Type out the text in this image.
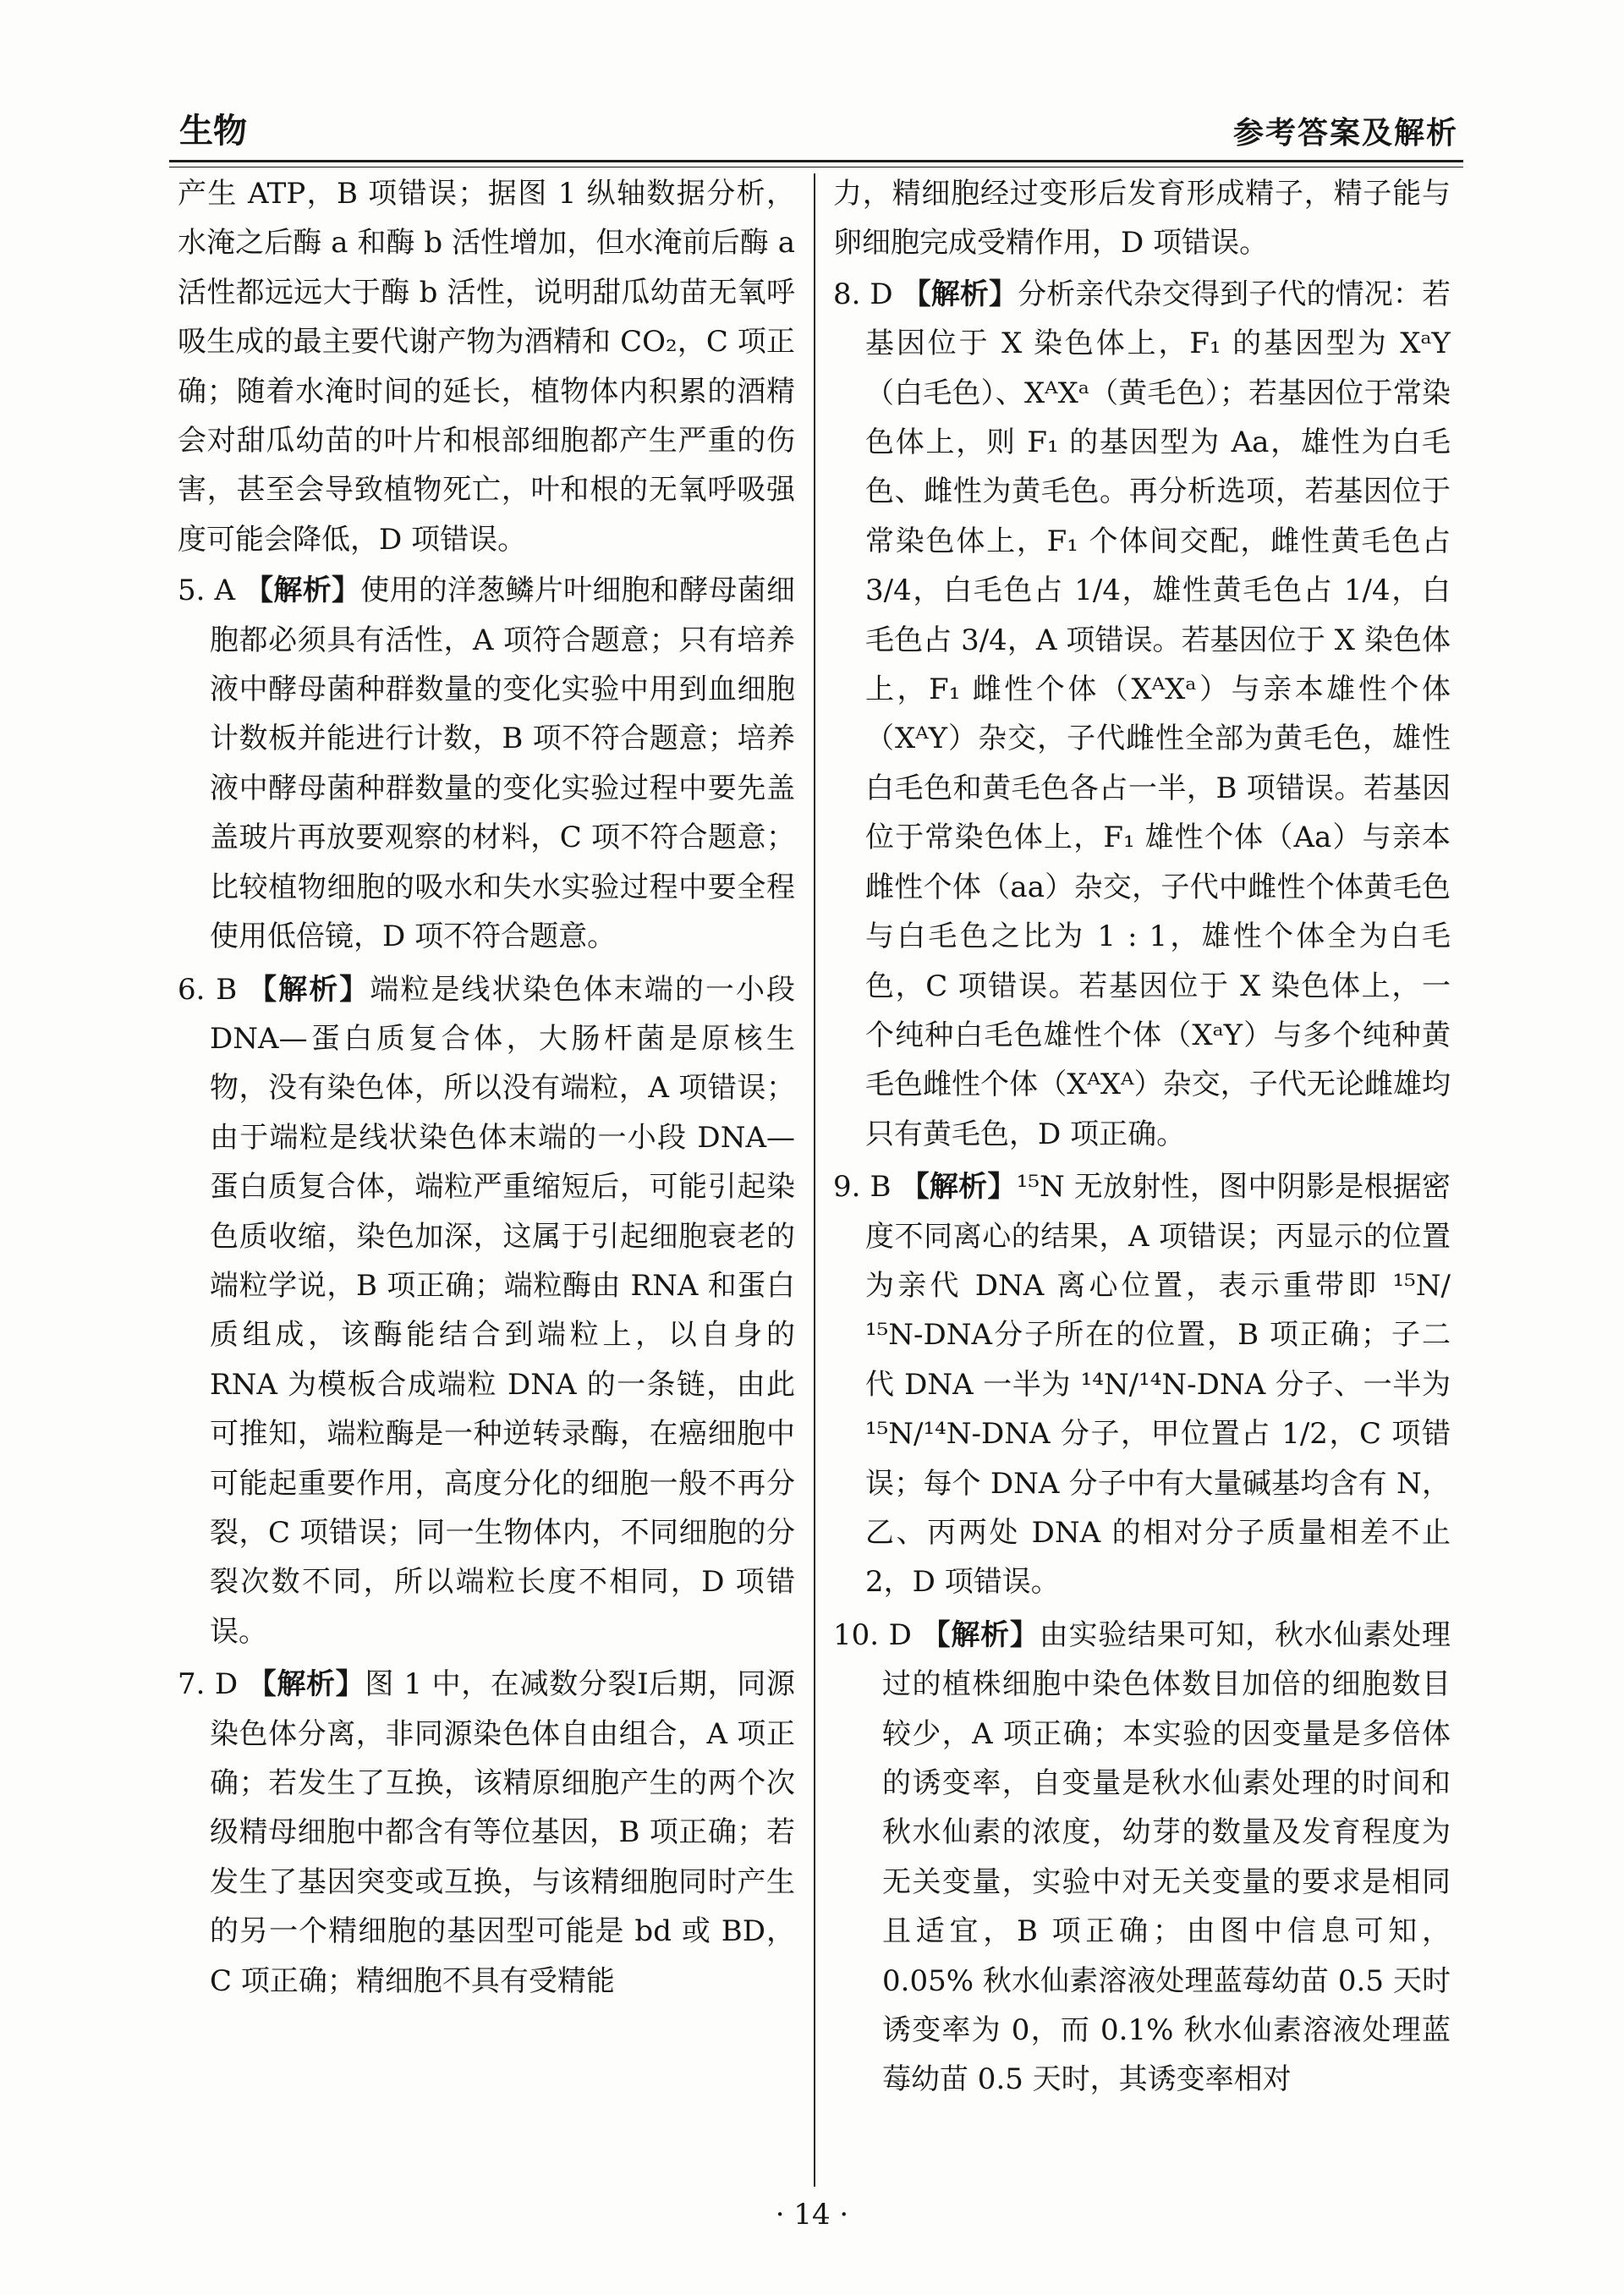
生物	参考答案及解析

产生 ATP，B 项错误；据图 1 纵轴数据分析，水淹之后酶 a 和酶 b 活性增加，但水淹前后酶 a 活性都远远大于酶 b 活性，说明甜瓜幼苗无氧呼吸生成的最主要代谢产物为酒精和 CO₂，C 项正确；随着水淹时间的延长，植物体内积累的酒精会对甜瓜幼苗的叶片和根部细胞都产生严重的伤害，甚至会导致植物死亡，叶和根的无氧呼吸强度可能会降低，D 项错误。

5. A 【解析】使用的洋葱鳞片叶细胞和酵母菌细胞都必须具有活性，A 项符合题意；只有培养液中酵母菌种群数量的变化实验中用到血细胞计数板并能进行计数，B 项不符合题意；培养液中酵母菌种群数量的变化实验过程中要先盖盖玻片再放要观察的材料，C 项不符合题意；比较植物细胞的吸水和失水实验过程中要全程使用低倍镜，D 项不符合题意。

6. B 【解析】端粒是线状染色体末端的一小段 DNA—蛋白质复合体，大肠杆菌是原核生物，没有染色体，所以没有端粒，A 项错误；由于端粒是线状染色体末端的一小段 DNA—蛋白质复合体，端粒严重缩短后，可能引起染色质收缩，染色加深，这属于引起细胞衰老的端粒学说，B 项正确；端粒酶由 RNA 和蛋白质组成，该酶能结合到端粒上，以自身的 RNA 为模板合成端粒 DNA 的一条链，由此可推知，端粒酶是一种逆转录酶，在癌细胞中可能起重要作用，高度分化的细胞一般不再分裂，C 项错误；同一生物体内，不同细胞的分裂次数不同，所以端粒长度不相同，D 项错误。

7. D 【解析】图 1 中，在减数分裂Ⅰ后期，同源染色体分离，非同源染色体自由组合，A 项正确；若发生了互换，该精原细胞产生的两个次级精母细胞中都含有等位基因，B 项正确；若发生了基因突变或互换，与该精细胞同时产生的另一个精细胞的基因型可能是 bd 或 BD，C 项正确；精细胞不具有受精能

力，精细胞经过变形后发育形成精子，精子能与卵细胞完成受精作用，D 项错误。

8. D 【解析】分析亲代杂交得到子代的情况：若基因位于 X 染色体上，F₁ 的基因型为 XᵃY（白毛色）、XᴬXᵃ（黄毛色）；若基因位于常染色体上，则 F₁ 的基因型为 Aa，雄性为白毛色、雌性为黄毛色。再分析选项，若基因位于常染色体上，F₁ 个体间交配，雌性黄毛色占 3/4，白毛色占 1/4，雄性黄毛色占 1/4，白毛色占 3/4，A 项错误。若基因位于 X 染色体上，F₁ 雌性个体（XᴬXᵃ）与亲本雄性个体（XᴬY）杂交，子代雌性全部为黄毛色，雄性白毛色和黄毛色各占一半，B 项错误。若基因位于常染色体上，F₁ 雄性个体（Aa）与亲本雌性个体（aa）杂交，子代中雌性个体黄毛色与白毛色之比为 1 : 1，雄性个体全为白毛色，C 项错误。若基因位于 X 染色体上，一个纯种白毛色雄性个体（XᵃY）与多个纯种黄毛色雌性个体（XᴬXᴬ）杂交，子代无论雌雄均只有黄毛色，D 项正确。

9. B 【解析】¹⁵N 无放射性，图中阴影是根据密度不同离心的结果，A 项错误；丙显示的位置为亲代 DNA 离心位置，表示重带即 ¹⁵N/¹⁵N-DNA分子所在的位置，B 项正确；子二代 DNA 一半为 ¹⁴N/¹⁴N-DNA 分子、一半为 ¹⁵N/¹⁴N-DNA 分子，甲位置占 1/2，C 项错误；每个 DNA 分子中有大量碱基均含有 N，乙、丙两处 DNA 的相对分子质量相差不止 2，D 项错误。

10. D 【解析】由实验结果可知，秋水仙素处理过的植株细胞中染色体数目加倍的细胞数目较少，A 项正确；本实验的因变量是多倍体的诱变率，自变量是秋水仙素处理的时间和秋水仙素的浓度，幼芽的数量及发育程度为无关变量，实验中对无关变量的要求是相同且适宜，B 项正确；由图中信息可知，0.05% 秋水仙素溶液处理蓝莓幼苗 0.5 天时诱变率为 0，而 0.1% 秋水仙素溶液处理蓝莓幼苗 0.5 天时，其诱变率相对

· 14 ·
